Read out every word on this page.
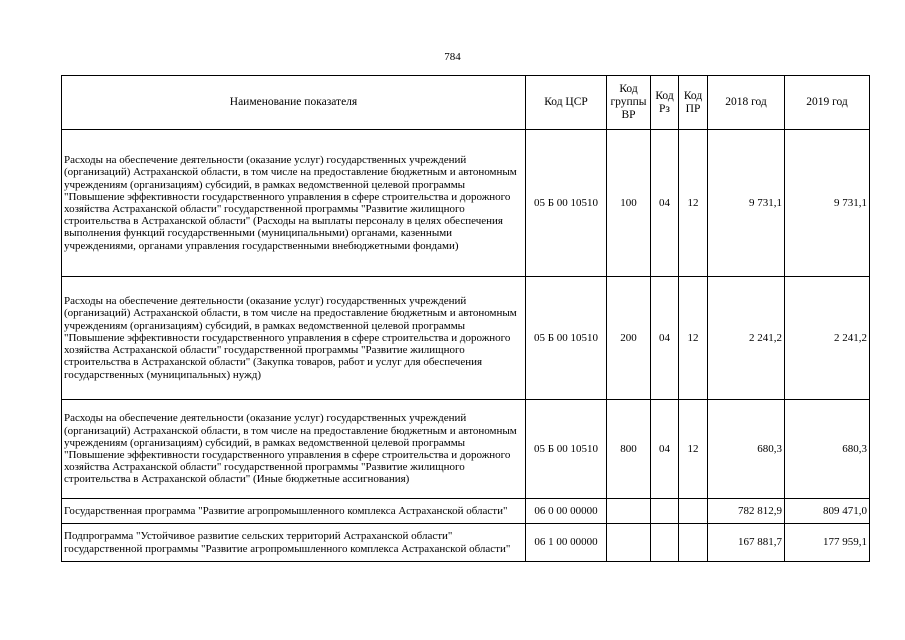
784
Наименование показателя	Код ЦСР	Код группы ВР	Код Рз	Код ПР	2018 год	2019 год
Расходы на обеспечение деятельности (оказание услуг) государственных учреждений (организаций) Астраханской области, в том числе на предоставление бюджетным и автономным учреждениям (организациям) субсидий, в рамках ведомственной целевой программы "Повышение эффективности государственного управления в сфере строительства и дорожного хозяйства Астраханской области" государственной программы "Развитие жилищного строительства в Астраханской области" (Расходы на выплаты персоналу в целях обеспечения выполнения функций государственными (муниципальными) органами, казенными учреждениями, органами управления государственными внебюджетными фондами)	05 Б 00 10510	100	04	12	9 731,1	9 731,1
Расходы на обеспечение деятельности (оказание услуг) государственных учреждений (организаций) Астраханской области, в том числе на предоставление бюджетным и автономным учреждениям (организациям) субсидий, в рамках ведомственной целевой программы "Повышение эффективности государственного управления в сфере строительства и дорожного хозяйства Астраханской области" государственной программы "Развитие жилищного строительства в Астраханской области" (Закупка товаров, работ и услуг для обеспечения государственных (муниципальных) нужд)	05 Б 00 10510	200	04	12	2 241,2	2 241,2
Расходы на обеспечение деятельности (оказание услуг) государственных учреждений (организаций) Астраханской области, в том числе на предоставление бюджетным и автономным учреждениям (организациям) субсидий, в рамках ведомственной целевой программы "Повышение эффективности государственного управления в сфере строительства и дорожного хозяйства Астраханской области" государственной программы "Развитие жилищного строительства в Астраханской области" (Иные бюджетные ассигнования)	05 Б 00 10510	800	04	12	680,3	680,3
Государственная программа "Развитие агропромышленного комплекса Астраханской области"	06 0 00 00000				782 812,9	809 471,0
Подпрограмма "Устойчивое развитие сельских территорий Астраханской области" государственной программы "Развитие агропромышленного комплекса Астраханской области"	06 1 00 00000				167 881,7	177 959,1
